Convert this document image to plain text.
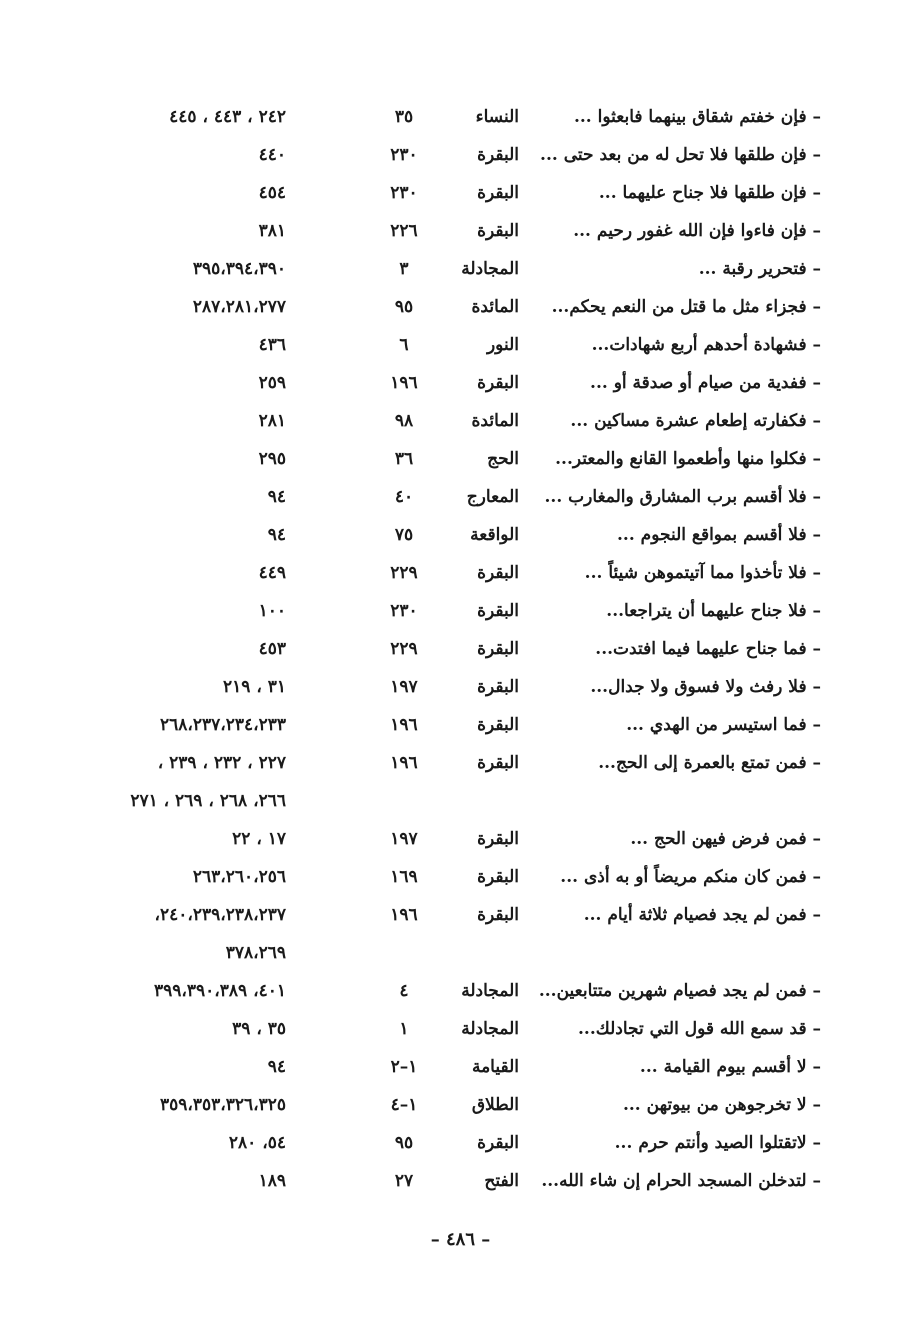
– فإن خفتم شقاق بينهما فابعثوا ...
النساء
٣٥
٢٤٢ ، ٤٤٣ ، ٤٤٥
– فإن طلقها فلا تحل له من بعد حتى ...
البقرة
٢٣٠
٤٤٠
– فإن طلقها فلا جناح عليهما ...
البقرة
٢٣٠
٤٥٤
– فإن فاءوا فإن الله غفور رحيم ...
البقرة
٢٢٦
٣٨١
– فتحرير رقبة ...
المجادلة
٣
٣٩٥،٣٩٤،٣٩٠
– فجزاء مثل ما قتل من النعم يحكم...
المائدة
٩٥
٢٨٧،٢٨١،٢٧٧
– فشهادة أحدهم أربع شهادات...
النور
٦
٤٣٦
– ففدية من صيام أو صدقة أو ...
البقرة
١٩٦
٢٥٩
– فكفارته إطعام عشرة مساكين ...
المائدة
٩٨
٢٨١
– فكلوا منها وأطعموا القانع والمعتر...
الحج
٣٦
٢٩٥
– فلا أقسم برب المشارق والمغارب ...
المعارج
٤٠
٩٤
– فلا أقسم بمواقع النجوم ...
الواقعة
٧٥
٩٤
– فلا تأخذوا مما آتيتموهن شيئاً ...
البقرة
٢٢٩
٤٤٩
– فلا جناح عليهما أن يتراجعا...
البقرة
٢٣٠
١٠٠
– فما جناح عليهما فيما افتدت...
البقرة
٢٢٩
٤٥٣
– فلا رفث ولا فسوق ولا جدال...
البقرة
١٩٧
٣١ ، ٢١٩
– فما استيسر من الهدي ...
البقرة
١٩٦
٢٦٨،٢٣٧،٢٣٤،٢٣٣
– فمن تمتع بالعمرة إلى الحج...
البقرة
١٩٦
٢٢٧ ، ٢٣٢ ، ٢٣٩ ،
٢٦٦، ٢٦٨ ، ٢٦٩ ، ٢٧١
– فمن فرض فيهن الحج ...
البقرة
١٩٧
١٧ ، ٢٢
– فمن كان منكم مريضاً أو به أذى ...
البقرة
١٦٩
٢٦٣،٢٦٠،٢٥٦
– فمن لم يجد فصيام ثلاثة أيام ...
البقرة
١٩٦
٢٤٠،٢٣٩،٢٣٨،٢٣٧،
٣٧٨،٢٦٩
– فمن لم يجد فصيام شهرين متتابعين...
المجادلة
٤
٤٠١، ٣٩٩،٣٩٠،٣٨٩
– قد سمع الله قول التي تجادلك...
المجادلة
١
٣٥ ، ٣٩
– لا أقسم بيوم القيامة ...
القيامة
١–٢
٩٤
– لا تخرجوهن من بيوتهن ...
الطلاق
١–٤
٣٥٩،٣٥٣،٣٢٦،٣٢٥
– لاتقتلوا الصيد وأنتم حرم ...
البقرة
٩٥
٥٤، ٢٨٠
– لتدخلن المسجد الحرام إن شاء الله...
الفتح
٢٧
١٨٩
– ٤٨٦ –
